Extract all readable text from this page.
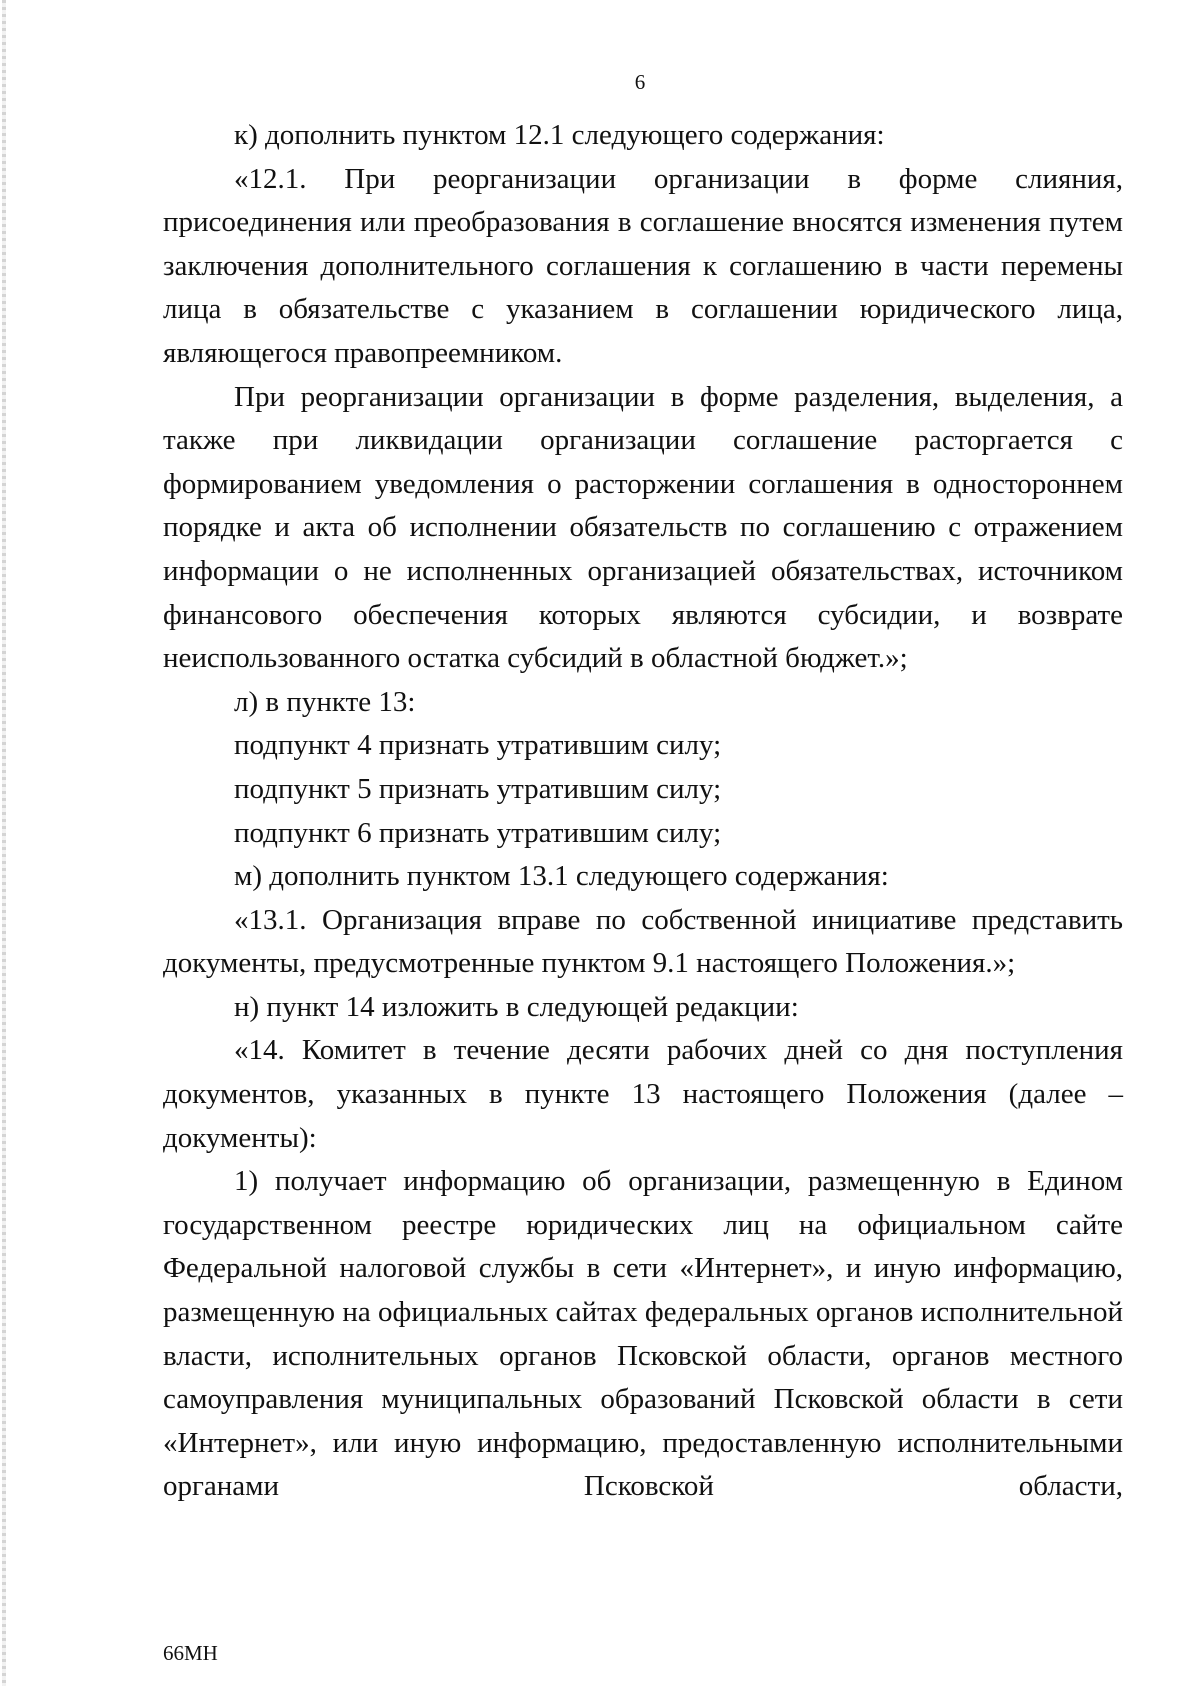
6

к) дополнить пунктом 12.1 следующего содержания:

«12.1. При реорганизации организации в форме слияния, присоединения или преобразования в соглашение вносятся изменения путем заключения дополнительного соглашения к соглашению в части перемены лица в обязательстве с указанием в соглашении юридического лица, являющегося правопреемником.

При реорганизации организации в форме разделения, выделения, а также при ликвидации организации соглашение расторгается с формированием уведомления о расторжении соглашения в одностороннем порядке и акта об исполнении обязательств по соглашению с отражением информации о не исполненных организацией обязательствах, источником финансового обеспечения которых являются субсидии, и возврате неиспользованного остатка субсидий в областной бюджет.»;

л) в пункте 13:

подпункт 4 признать утратившим силу;

подпункт 5 признать утратившим силу;

подпункт 6 признать утратившим силу;

м) дополнить пунктом 13.1 следующего содержания:

«13.1. Организация вправе по собственной инициативе представить документы, предусмотренные пунктом 9.1 настоящего Положения.»;

н) пункт 14 изложить в следующей редакции:

«14. Комитет в течение десяти рабочих дней со дня поступления документов, указанных в пункте 13 настоящего Положения (далее – документы):

1) получает информацию об организации, размещенную в Едином государственном реестре юридических лиц на официальном сайте Федеральной налоговой службы в сети «Интернет», и иную информацию, размещенную на официальных сайтах федеральных органов исполнительной власти, исполнительных органов Псковской области, органов местного самоуправления муниципальных образований Псковской области в сети «Интернет», или иную информацию, предоставленную исполнительными органами Псковской области,

66МН
